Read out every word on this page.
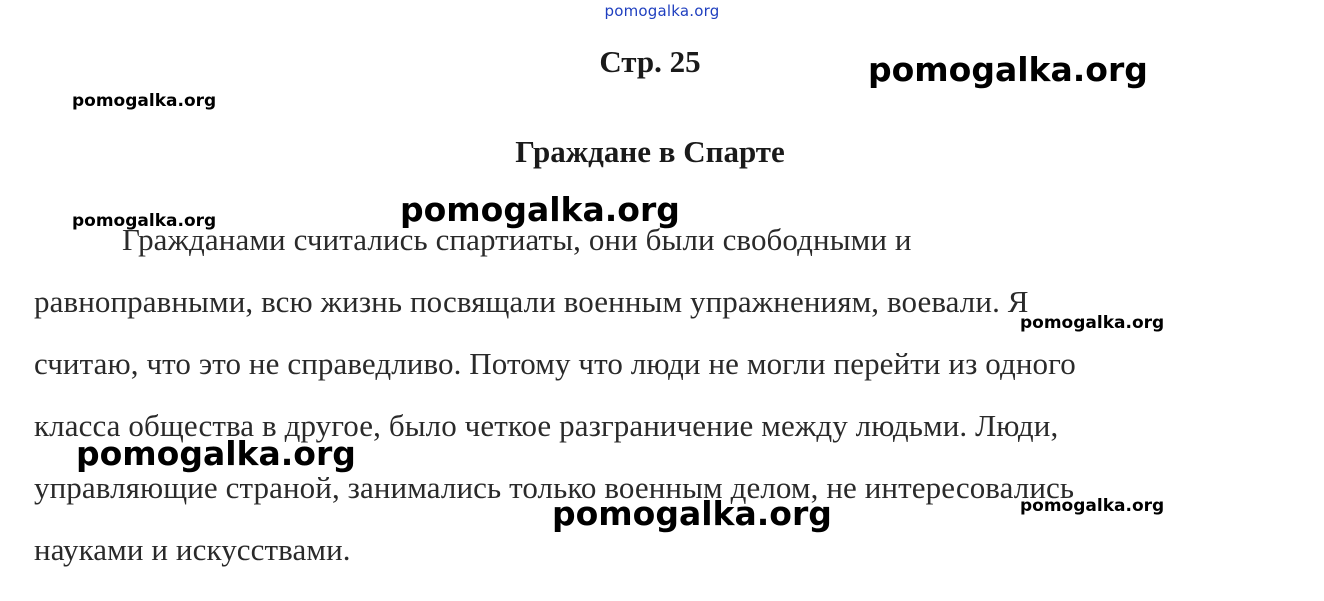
pomogalka.org
Стр. 25
Граждане в Спарте
Гражданами считались спартиаты, они были свободными и
равноправными, всю жизнь посвящали военным упражнениям, воевали. Я
считаю, что это не справедливо. Потому что люди не могли перейти из одного
класса общества в другое, было четкое разграничение между людьми. Люди,
управляющие страной, занимались только военным делом, не интересовались
науками и искусствами.
pomogalka.org
pomogalka.org
pomogalka.org
pomogalka.org
pomogalka.org
pomogalka.org
pomogalka.org	pomogalka.org
